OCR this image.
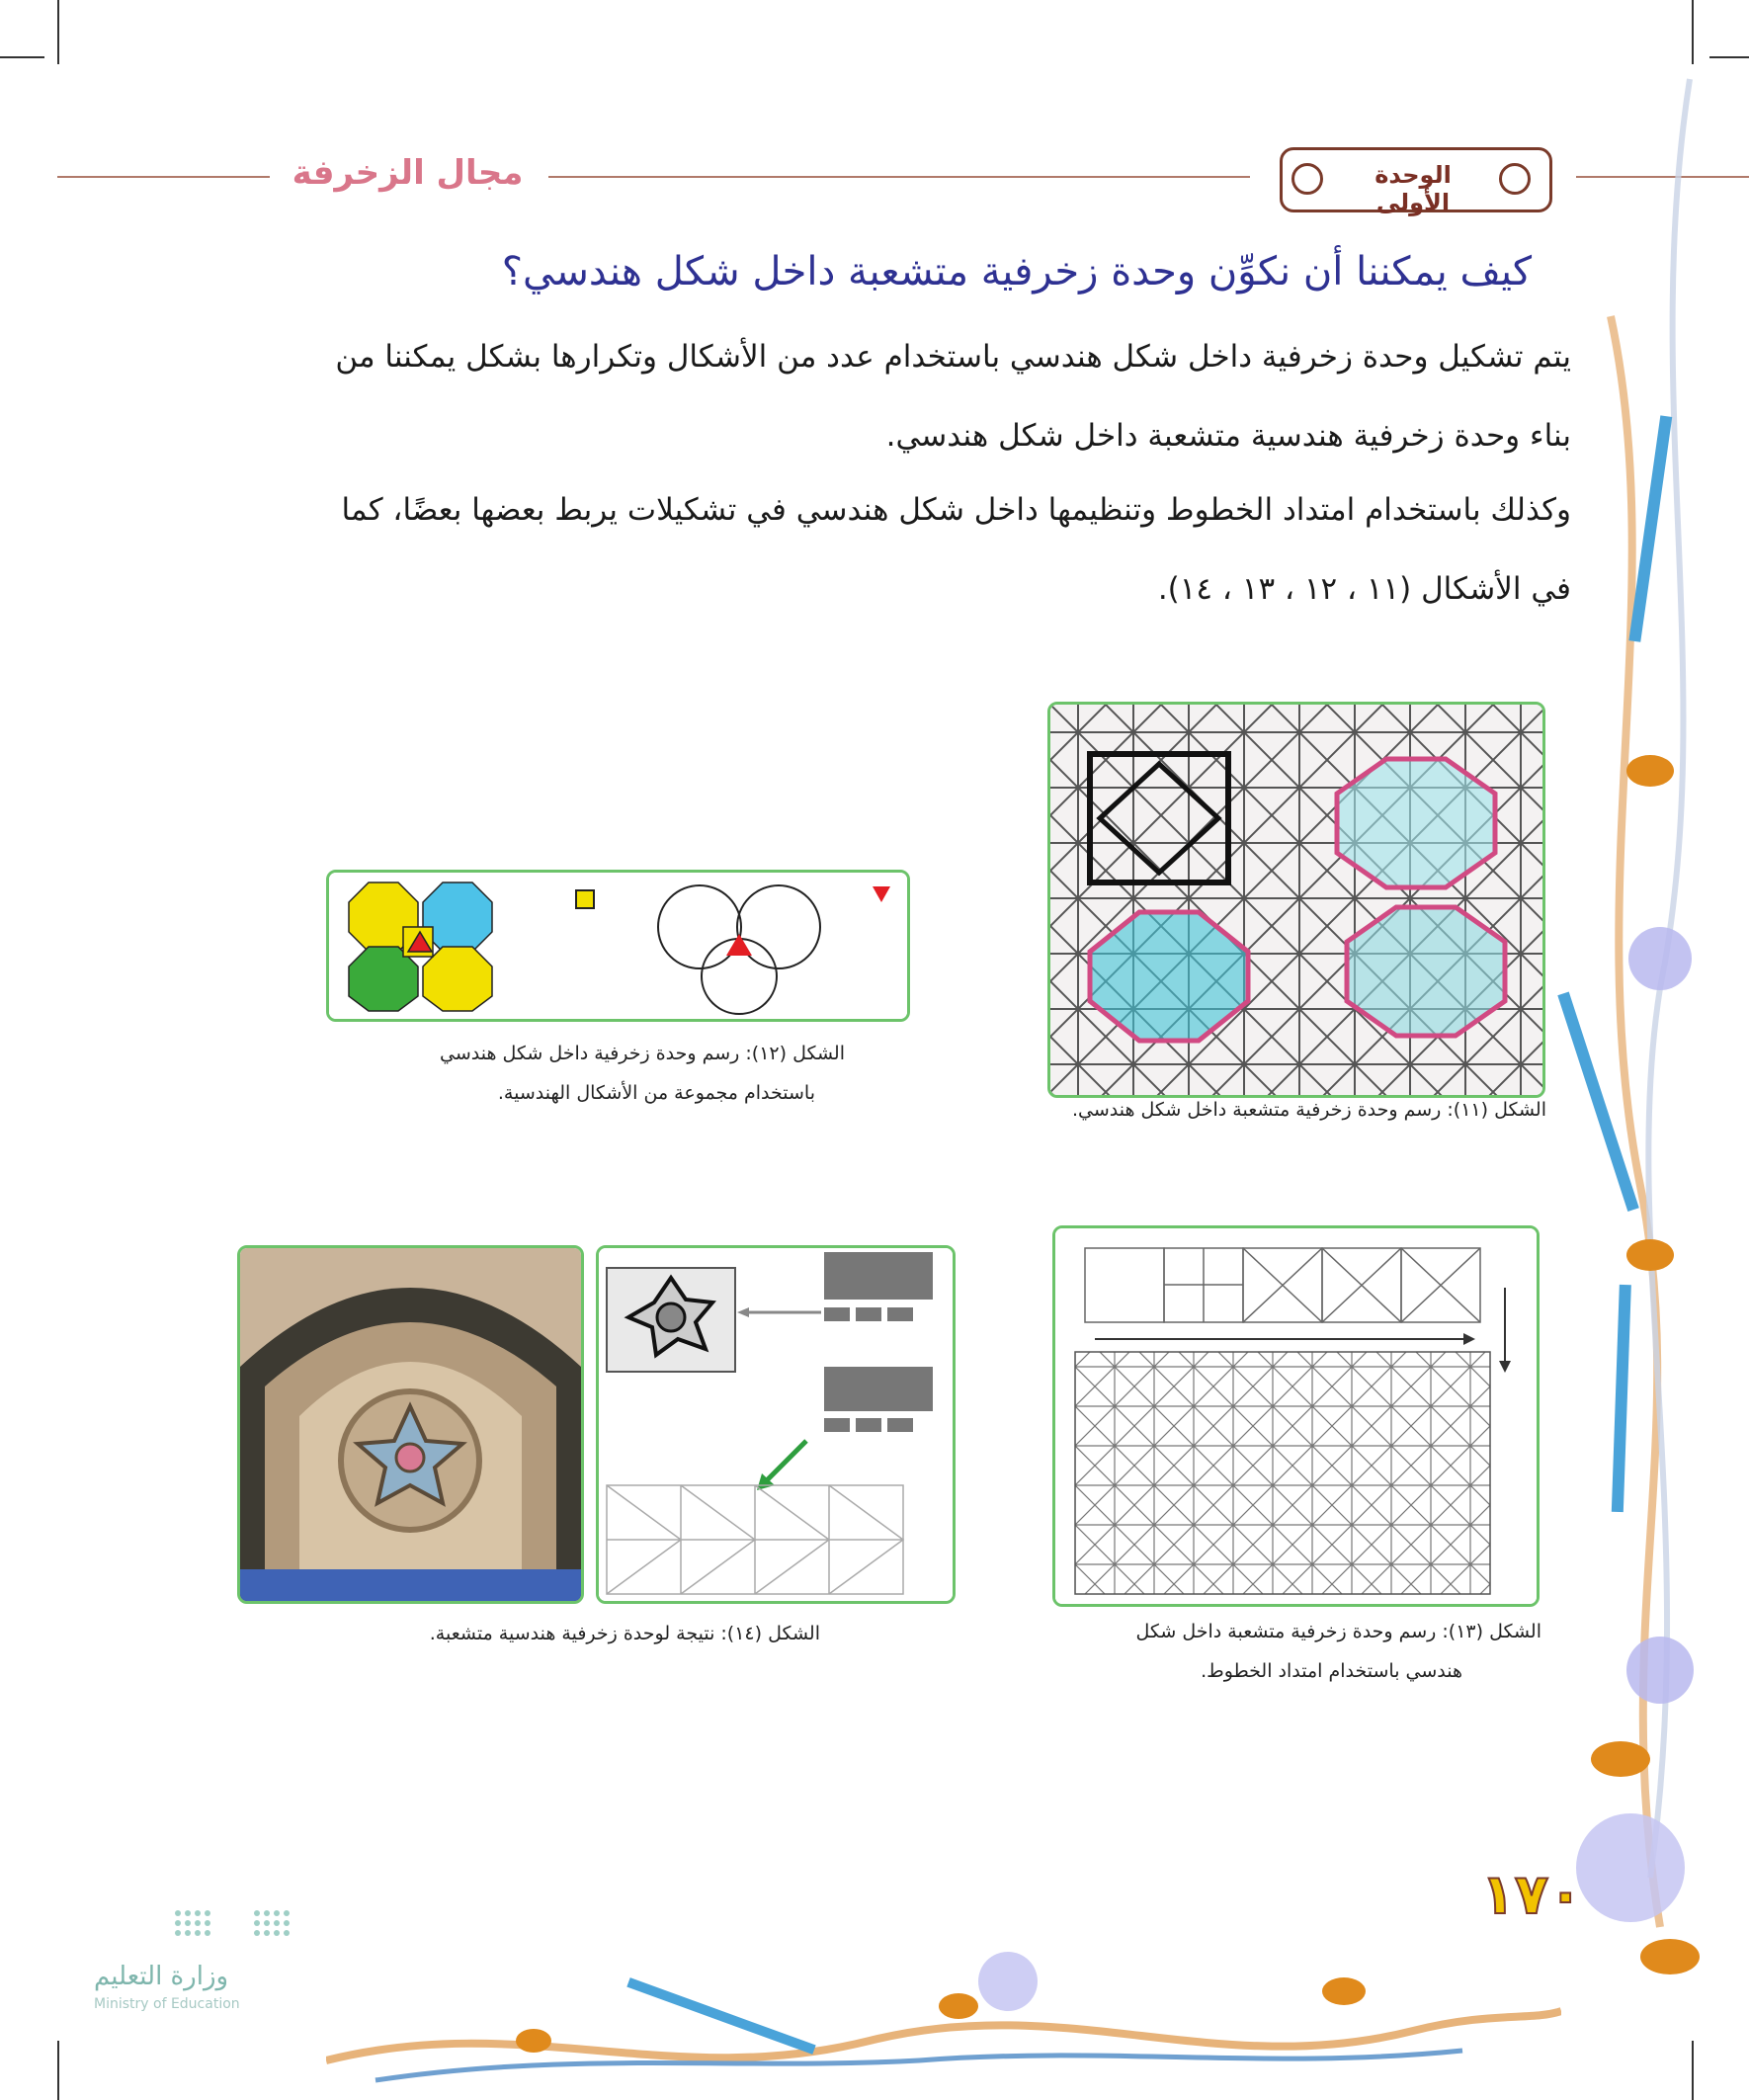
مجال الزخرفة	الوحدة الأولى
كيف يمكننا أن نكوِّن وحدة زخرفية متشعبة داخل شكل هندسي؟
يتم تشكيل وحدة زخرفية داخل شكل هندسي باستخدام عدد من الأشكال وتكرارها بشكل يمكننا من
بناء وحدة زخرفية هندسية متشعبة داخل شكل هندسي.
وكذلك باستخدام امتداد الخطوط وتنظيمها داخل شكل هندسي في تشكيلات يربط بعضها بعضًا، كما
في الأشكال (١١ ، ١٢ ، ١٣ ، ١٤).
الشكل (١١): رسم وحدة زخرفية متشعبة داخل شكل هندسي.
الشكل (١٢): رسم وحدة زخرفية داخل شكل هندسي
باستخدام مجموعة من الأشكال الهندسية.
الشكل (١٣): رسم وحدة زخرفية متشعبة داخل شكل
هندسي باستخدام امتداد الخطوط.
الشكل (١٤): نتيجة لوحدة زخرفية هندسية متشعبة.
١٧٠
وزارة التعليم
Ministry of Education
